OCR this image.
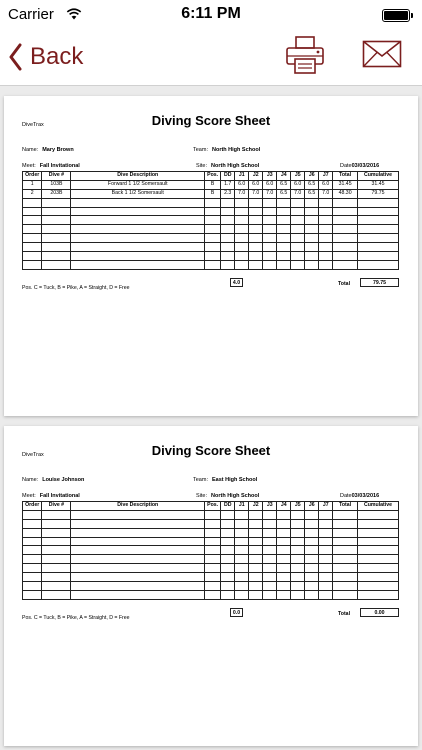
Carrier	6:11 PM
Back
DiveTrax	Diving Score Sheet
Name: Mary Brown	Team: North High School
Meet: Fall Invitational	Site: North High School	Date03/03/2016
Order	Dive #	Dive Description	Pos.	DD	J1	J2	J3	J4	J5	J6	J7	Total	Cumulative
1	103B	Forward 1 1/2 Somersault	B	1.7	6.0	6.0	6.0	6.5	6.0	6.5	6.0	31.45	31.45
2	203B	Back 1 1/2 Somersault	B	2.3	7.0	7.0	7.0	6.5	7.0	6.5	7.0	48.30	79.75

4.0	Total	79.75
Pos. C = Tuck, B = Pike, A = Straight, D = Free
DiveTrax	Diving Score Sheet
Name: Louise Johnson	Team: East High School
Meet: Fall Invitational	Site: North High School	Date03/03/2016
Order	Dive #	Dive Description	Pos.	DD	J1	J2	J3	J4	J5	J6	J7	Total	Cumulative

0.0	Total	0.00
Pos. C = Tuck, B = Pike, A = Straight, D = Free
